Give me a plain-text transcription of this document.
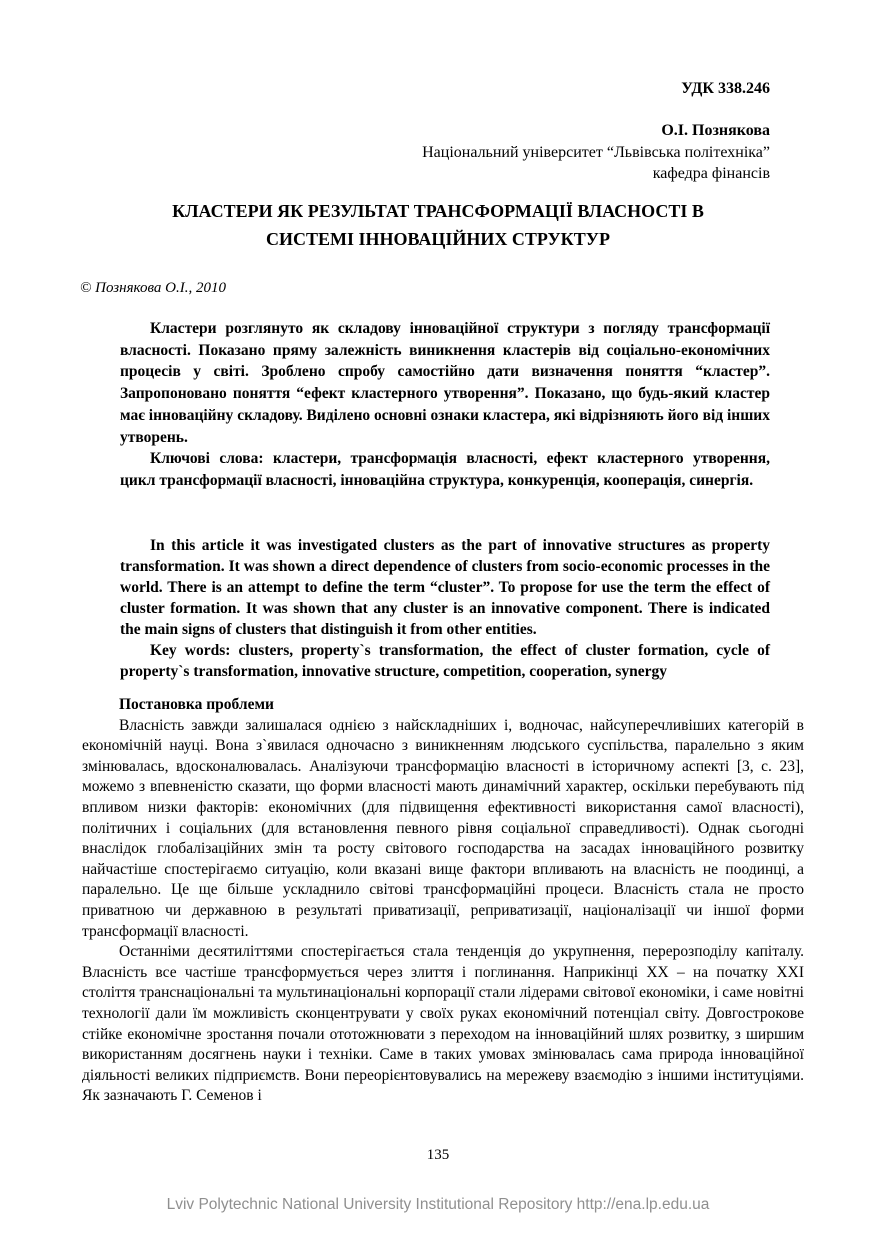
УДК 338.246
О.І. Познякова
Національний університет “Львівська політехніка”
кафедра фінансів
КЛАСТЕРИ ЯК РЕЗУЛЬТАТ ТРАНСФОРМАЦІЇ ВЛАСНОСТІ В
СИСТЕМІ ІННОВАЦІЙНИХ СТРУКТУР
© Познякова О.І., 2010

Кластери розглянуто як складову інноваційної структури з погляду трансформації власності. Показано пряму залежність виникнення кластерів від соціально-економічних процесів у світі. Зроблено спробу самостійно дати визначення поняття “кластер”. Запропоновано поняття “ефект кластерного утворення”. Показано, що будь-який кластер має інноваційну складову. Виділено основні ознаки кластера, які відрізняють його від інших утворень.

Ключові слова: кластери, трансформація власності, ефект кластерного утворення, цикл трансформації власності, інноваційна структура, конкуренція, кооперація, синергія.

In this article it was investigated clusters as the part of innovative structures as property transformation. It was shown a direct dependence of clusters from socio-economic processes in the world. There is an attempt to define the term “cluster”. To propose for use the term the effect of cluster formation. It was shown that any cluster is an innovative component. There is indicated the main signs of clusters that distinguish it from other entities.

Key words: clusters, property`s transformation, the effect of cluster formation, cycle of property`s transformation, innovative structure, competition, cooperation, synergy

Постановка проблеми

Власність завжди залишалася однією з найскладніших і, водночас, найсуперечливіших категорій в економічній науці. Вона з`явилася одночасно з виникненням людського суспільства, паралельно з яким змінювалась, вдосконалювалась. Аналізуючи трансформацію власності в історичному аспекті [3, с. 23], можемо з впевненістю сказати, що форми власності мають динамічний характер, оскільки перебувають під впливом низки факторів: економічних (для підвищення ефективності використання самої власності), політичних і соціальних (для встановлення певного рівня соціальної справедливості). Однак сьогодні внаслідок глобалізаційних змін та росту світового господарства на засадах інноваційного розвитку найчастіше спостерігаємо ситуацію, коли вказані вище фактори впливають на власність не поодинці, а паралельно. Це ще більше ускладнило світові трансформаційні процеси. Власність стала не просто приватною чи державною в результаті приватизації, реприватизації, націоналізації чи іншої форми трансформації власності.

Останніми десятиліттями спостерігається стала тенденція до укрупнення, перерозподілу капіталу. Власність все частіше трансформується через злиття і поглинання. Наприкінці ХХ – на початку ХХІ століття транснаціональні та мультинаціональні корпорації стали лідерами світової економіки, і саме новітні технології дали їм можливість сконцентрувати у своїх руках економічний потенціал світу. Довгострокове стійке економічне зростання почали ототожнювати з переходом на інноваційний шлях розвитку, з ширшим використанням досягнень науки і техніки. Саме в таких умовах змінювалась сама природа інноваційної діяльності великих підприємств. Вони переорієнтовувались на мережеву взаємодію з іншими інституціями. Як зазначають Г. Семенов і

135
Lviv Polytechnic National University Institutional Repository http://ena.lp.edu.ua
